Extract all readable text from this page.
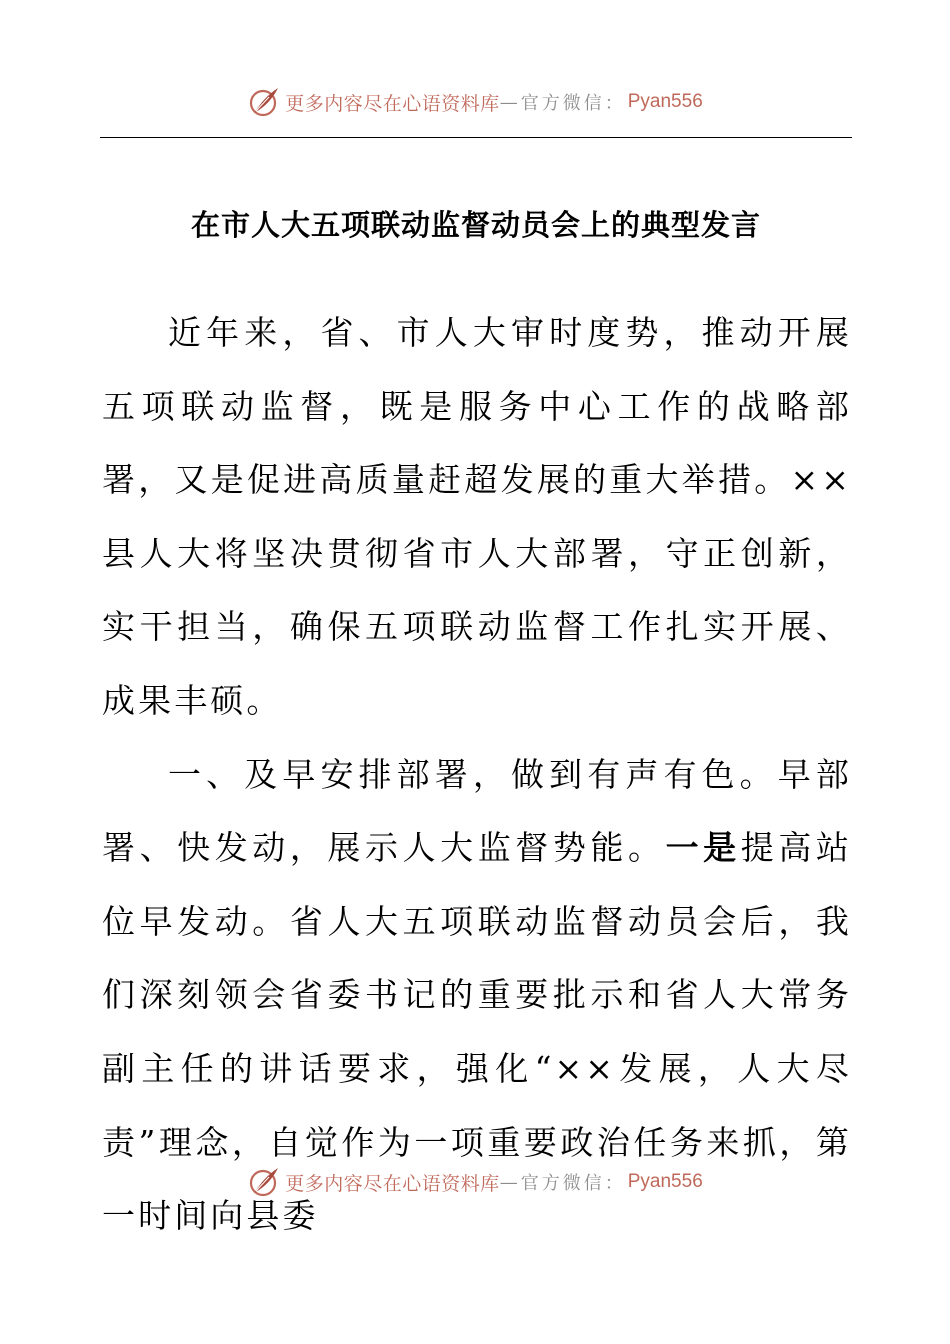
更多内容尽在心语资料库 — 官方微信： Pyan556
在市人大五项联动监督动员会上的典型发言

近年来，省、市人大审时度势，推动开展五项联动监督，既是服务中心工作的战略部署，又是促进高质量赶超发展的重大举措。××县人大将坚决贯彻省市人大部署，守正创新，实干担当，确保五项联动监督工作扎实开展、成果丰硕。

一、及早安排部署，做到有声有色。早部署、快发动，展示人大监督势能。一是提高站位早发动。省人大五项联动监督动员会后，我们深刻领会省委书记的重要批示和省人大常务副主任的讲话要求，强化“××发展，人大尽责”理念，自觉作为一项重要政治任务来抓，第一时间向县委

更多内容尽在心语资料库 — 官方微信： Pyan556
